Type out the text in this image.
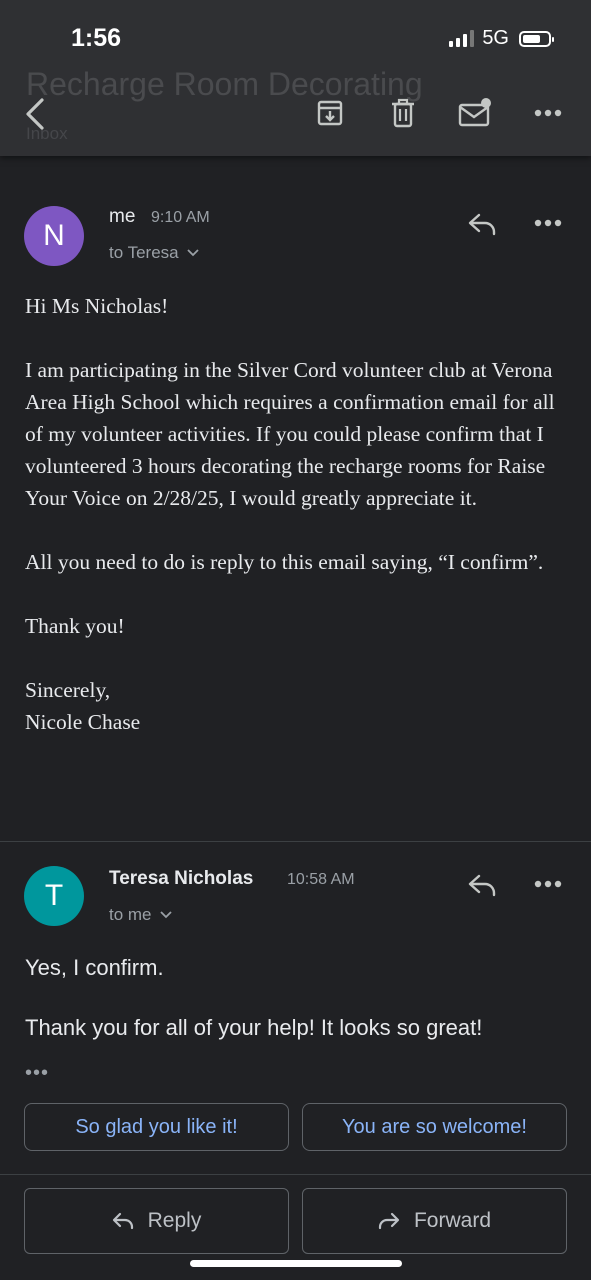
1:56	5G
Recharge Room Decorating
Inbox
N
me 9:10 AM
to Teresa

Hi Ms Nicholas!

I am participating in the Silver Cord volunteer club at Verona Area High School which requires a confirmation email for all of my volunteer activities. If you could please confirm that I volunteered 3 hours decorating the recharge rooms for Raise Your Voice on 2/28/25, I would greatly appreciate it.

All you need to do is reply to this email saying, “I confirm”.

Thank you!

Sincerely,
Nicole Chase
T
Teresa Nicholas 10:58 AM
to me
Yes, I confirm.
Thank you for all of your help! It looks so great!
•••
So glad you like it!	You are so welcome!
Reply	Forward
